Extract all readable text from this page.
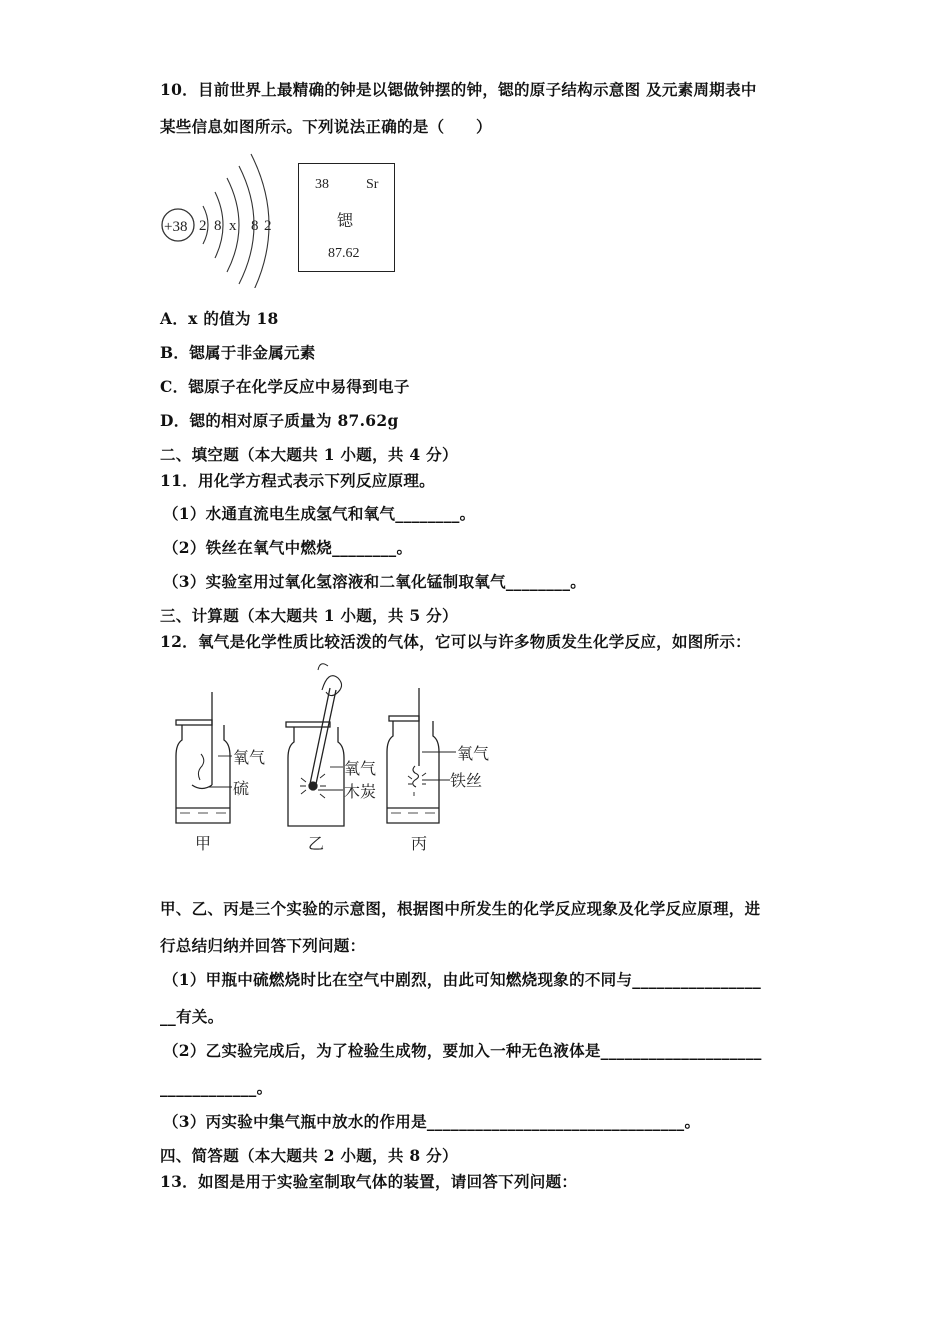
10．目前世界上最精确的钟是以锶做钟摆的钟，锶的原子结构示意图 及元素周期表中
某些信息如图所示。下列说法正确的是（　　）
+38 2 8 x 8 2
38	Sr
锶
87.62
A．x 的值为 18
B．锶属于非金属元素
C．锶原子在化学反应中易得到电子
D．锶的相对原子质量为 87.62g
二、填空题（本大题共 1 小题，共 4 分）
11．用化学方程式表示下列反应原理。
（1）水通直流电生成氢气和氧气________。
（2）铁丝在氧气中燃烧________。
（3）实验室用过氧化氢溶液和二氧化锰制取氧气________。
三、计算题（本大题共 1 小题，共 5 分）
12．氧气是化学性质比较活泼的气体，它可以与许多物质发生化学反应，如图所示：
氧气
硫
甲
氧气
木炭
乙
氧气
铁丝
丙
甲、乙、丙是三个实验的示意图，根据图中所发生的化学反应现象及化学反应原理，进
行总结归纳并回答下列问题：
（1）甲瓶中硫燃烧时比在空气中剧烈，由此可知燃烧现象的不同与________________
__有关。
（2）乙实验完成后，为了检验生成物，要加入一种无色液体是____________________
____________。
（3）丙实验中集气瓶中放水的作用是________________________________。
四、简答题（本大题共 2 小题，共 8 分）
13．如图是用于实验室制取气体的装置，请回答下列问题：
